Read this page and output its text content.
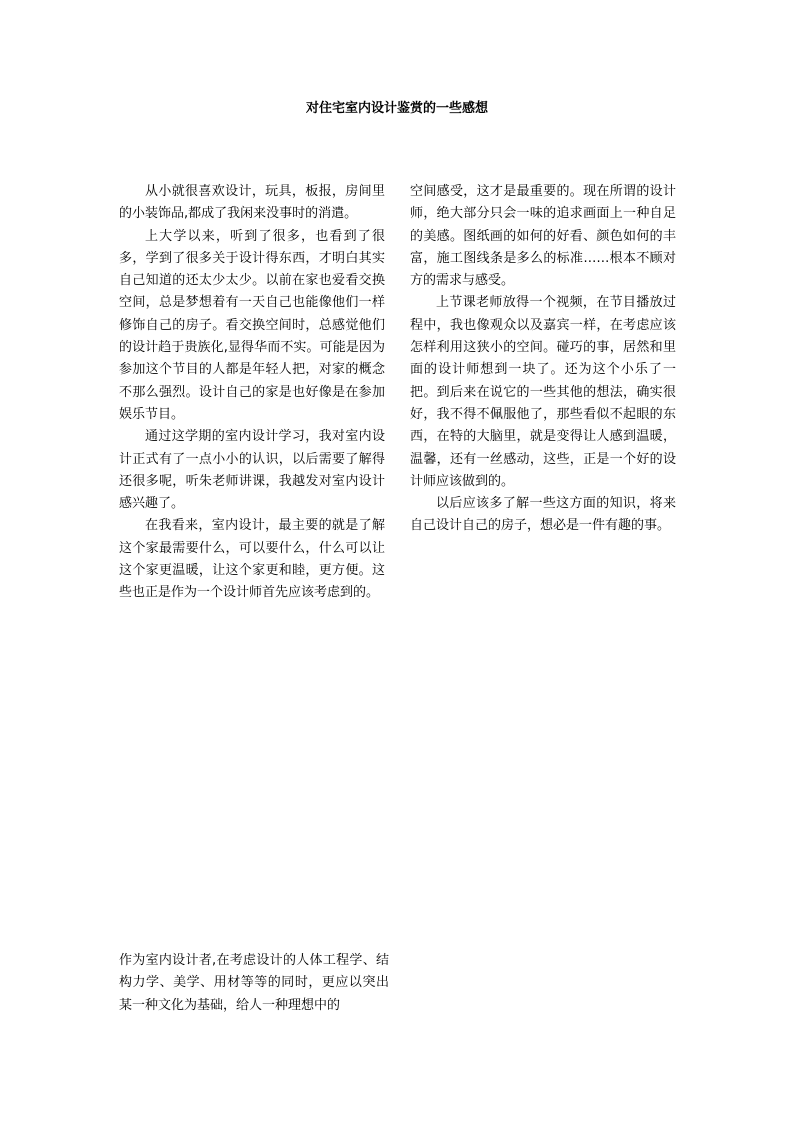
对住宅室内设计鉴赏的一些感想

从小就很喜欢设计，玩具，板报，房间里的小装饰品,都成了我闲来没事时的消遣。

上大学以来，听到了很多，也看到了很多，学到了很多关于设计得东西，才明白其实自己知道的还太少太少。以前在家也爱看交换空间，总是梦想着有一天自己也能像他们一样修饰自己的房子。看交换空间时，总感觉他们的设计趋于贵族化,显得华而不实。可能是因为参加这个节目的人都是年轻人把，对家的概念不那么强烈。设计自己的家是也好像是在参加娱乐节目。

通过这学期的室内设计学习，我对室内设计正式有了一点小小的认识，以后需要了解得还很多呢，听朱老师讲课，我越发对室内设计感兴趣了。

在我看来，室内设计，最主要的就是了解这个家最需要什么，可以要什么，什么可以让这个家更温暖，让这个家更和睦，更方便。这些也正是作为一个设计师首先应该考虑到的。

空间感受，这才是最重要的。现在所谓的设计师，绝大部分只会一味的追求画面上一种自足的美感。图纸画的如何的好看、颜色如何的丰富，施工图线条是多么的标准……根本不顾对方的需求与感受。

上节课老师放得一个视频，在节目播放过程中，我也像观众以及嘉宾一样，在考虑应该怎样利用这狭小的空间。碰巧的事，居然和里面的设计师想到一块了。还为这个小乐了一把。到后来在说它的一些其他的想法，确实很好，我不得不佩服他了，那些看似不起眼的东西，在特的大脑里，就是变得让人感到温暖，温馨，还有一丝感动，这些，正是一个好的设计师应该做到的。

以后应该多了解一些这方面的知识，将来自己设计自己的房子，想必是一件有趣的事。

作为室内设计者,在考虑设计的人体工程学、结构力学、美学、用材等等的同时，更应以突出某一种文化为基础，给人一种理想中的
